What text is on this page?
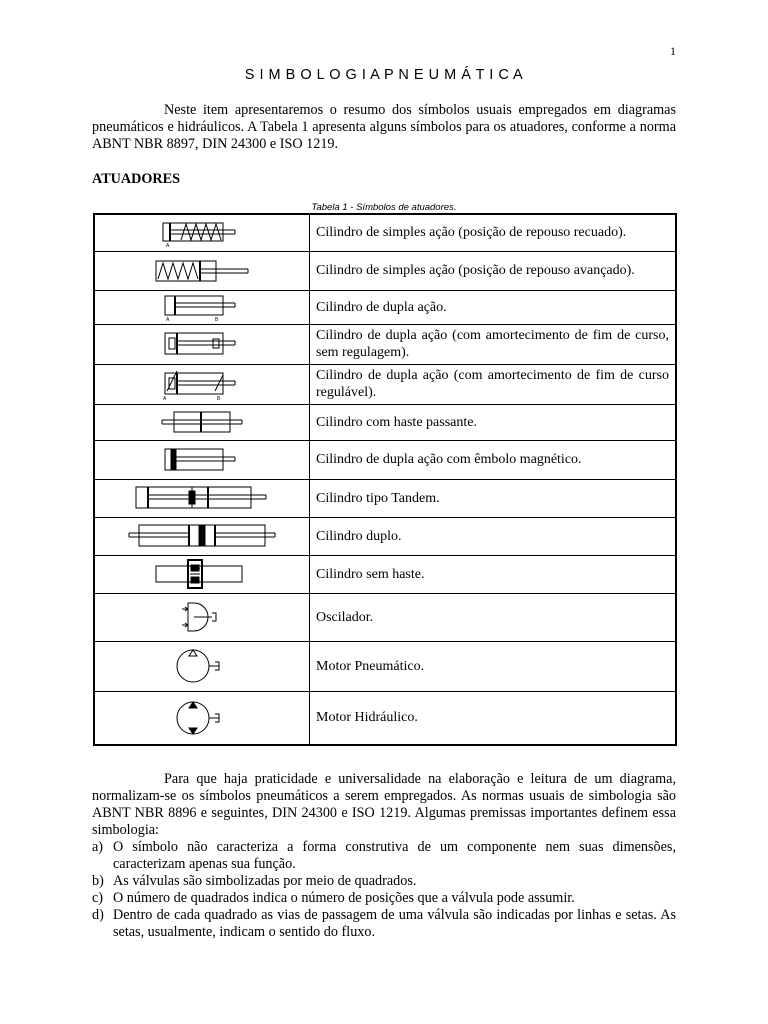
1
S I M B O L O G I A P N E U M Á T I C A
Neste item apresentaremos o resumo dos símbolos usuais empregados em diagramas pneumáticos e hidráulicos. A Tabela 1 apresenta alguns símbolos para os atuadores, conforme a norma ABNT NBR 8897, DIN 24300 e ISO 1219.
ATUADORES
Tabela 1 - Símbolos de atuadores.
A	Cilindro de simples ação (posição de repouso recuado).

	Cilindro de simples ação (posição de repouso avançado).

A B	Cilindro de dupla ação.

	Cilindro de dupla ação (com amortecimento de fim de curso, sem regulagem).

A B	Cilindro de dupla ação (com amortecimento de fim de curso regulável).

	Cilindro com haste passante.

	Cilindro de dupla ação com êmbolo magnético.

	Cilindro tipo Tandem.

	Cilindro duplo.

	Cilindro sem haste.

	Oscilador.

	Motor Pneumático.

	Motor Hidráulico.
Para que haja praticidade e universalidade na elaboração e leitura de um diagrama, normalizam-se os símbolos pneumáticos a serem empregados. As normas usuais de simbologia são ABNT NBR 8896 e seguintes, DIN 24300 e ISO 1219. Algumas premissas importantes definem essa simbologia:
a) O símbolo não caracteriza a forma construtiva de um componente nem suas dimensões, caracterizam apenas sua função.
b) As válvulas são simbolizadas por meio de quadrados.
c) O número de quadrados indica o número de posições que a válvula pode assumir.
d) Dentro de cada quadrado as vias de passagem de uma válvula são indicadas por linhas e setas. As setas, usualmente, indicam o sentido do fluxo.
